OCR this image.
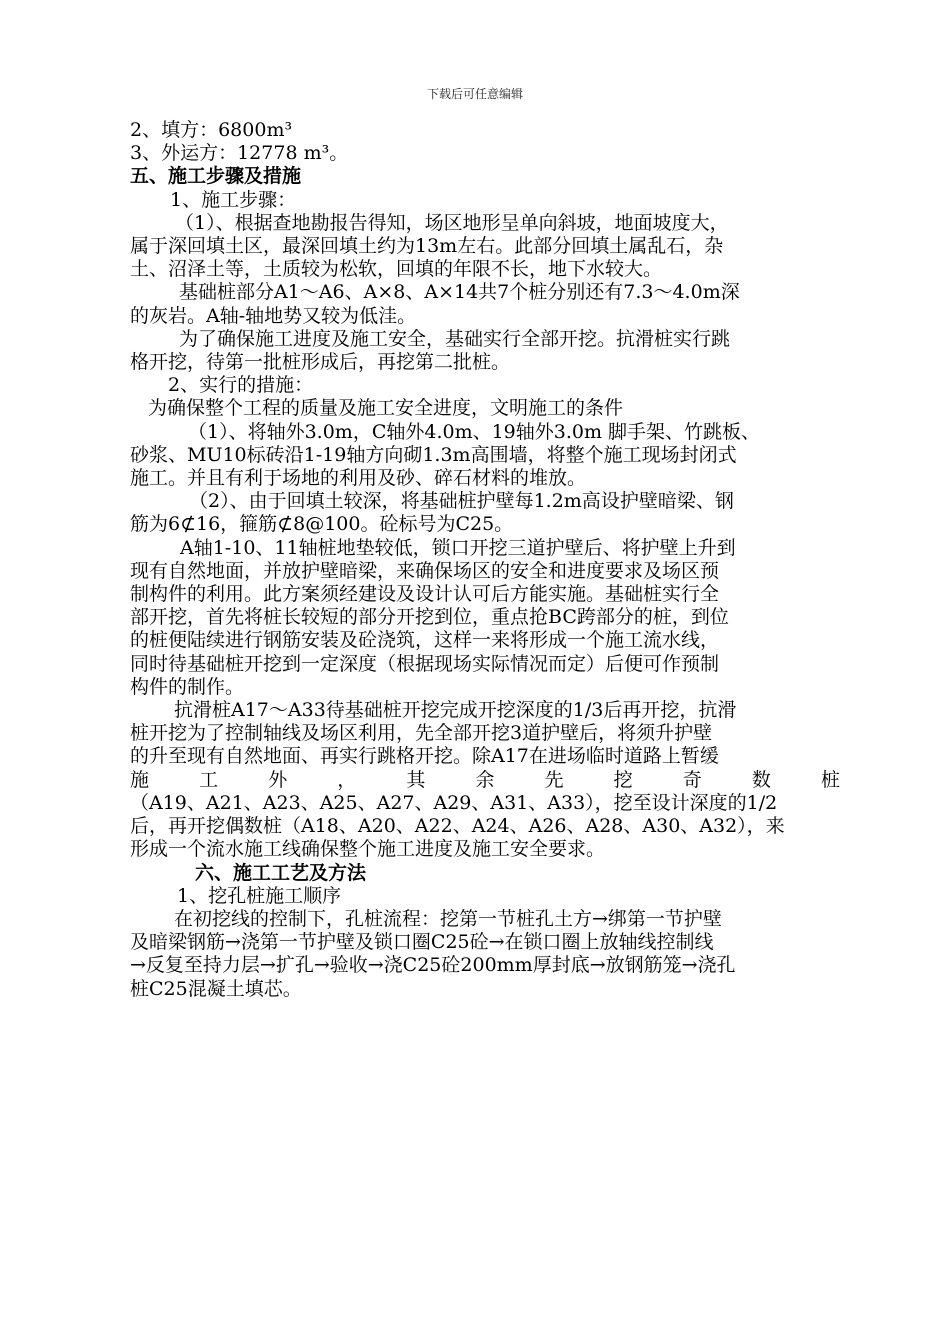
下载后可任意编辑
2、填方：6800m³
3、外运方：12778 m³。
五、施工步骤及措施
1、施工步骤：
（1）、根据查地勘报告得知，场区地形呈单向斜坡，地面坡度大，
属于深回填土区，最深回填土约为13m左右。此部分回填土属乱石，杂
土、沼泽土等，土质较为松软，回填的年限不长，地下水较大。
基础桩部分A1～A6、A×8、A×14共7个桩分别还有7.3～4.0m深
的灰岩。A轴-轴地势又较为低洼。
为了确保施工进度及施工安全，基础实行全部开挖。抗滑桩实行跳
格开挖，待第一批桩形成后，再挖第二批桩。
2、实行的措施：
为确保整个工程的质量及施工安全进度，文明施工的条件
（1）、将轴外3.0m，C轴外4.0m、19轴外3.0m 脚手架、竹跳板、
砂浆、MU10标砖沿1-19轴方向砌1.3m高围墙，将整个施工现场封闭式
施工。并且有利于场地的利用及砂、碎石材料的堆放。
（2）、由于回填土较深，将基础桩护壁每1.2m高设护壁暗梁、钢
筋为6⊄16，箍筋⊄8@100。砼标号为C25。
A轴1-10、11轴桩地垫较低，锁口开挖三道护壁后、将护壁上升到
现有自然地面，并放护壁暗梁，来确保场区的安全和进度要求及场区预
制构件的利用。此方案须经建设及设计认可后方能实施。基础桩实行全
部开挖，首先将桩长较短的部分开挖到位，重点抢BC跨部分的桩，到位
的桩便陆续进行钢筋安装及砼浇筑，这样一来将形成一个施工流水线，
同时待基础桩开挖到一定深度（根据现场实际情况而定）后便可作预制
构件的制作。
抗滑桩A17～A33待基础桩开挖完成开挖深度的1/3后再开挖，抗滑
桩开挖为了控制轴线及场区利用，先全部开挖3道护壁后，将须升护壁
的升至现有自然地面、再实行跳格开挖。除A17在进场临时道路上暂缓
施	工	外	，	其	余	先	挖	奇	数	桩
（A19、A21、A23、A25、A27、A29、A31、A33），挖至设计深度的1/2
后，再开挖偶数桩（A18、A20、A22、A24、A26、A28、A30、A32），来
形成一个流水施工线确保整个施工进度及施工安全要求。
六、施工工艺及方法
1、挖孔桩施工顺序
在初挖线的控制下，孔桩流程：挖第一节桩孔土方→绑第一节护壁
及暗梁钢筋→浇第一节护壁及锁口圈C25砼→在锁口圈上放轴线控制线
→反复至持力层→扩孔→验收→浇C25砼200mm厚封底→放钢筋笼→浇孔
桩C25混凝土填芯。
